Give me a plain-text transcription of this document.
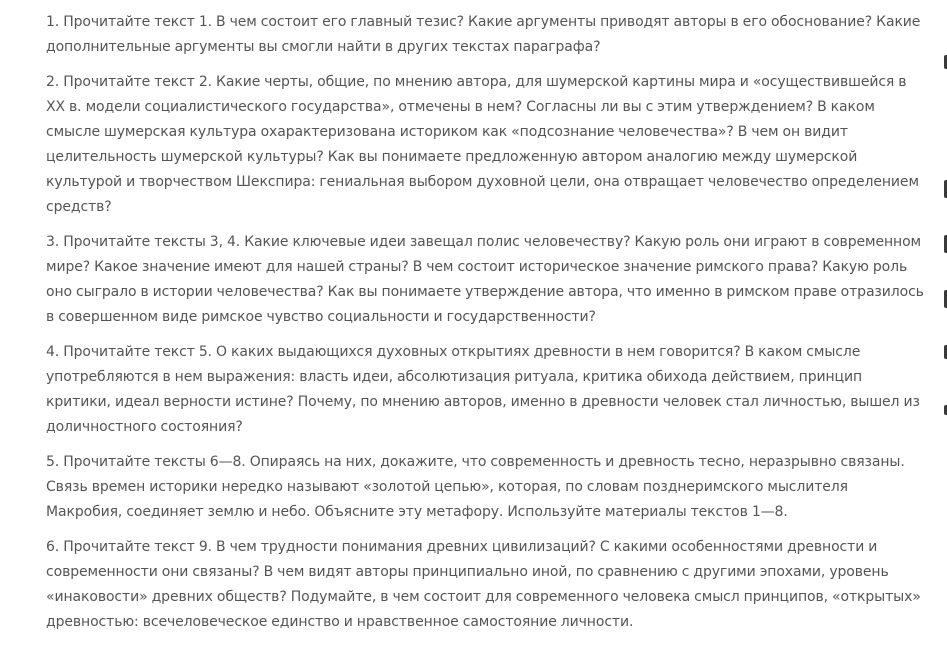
1. Прочитайте текст 1. В чем состоит его главный тезис? Какие аргументы приводят авторы в его обоснование? Какие дополнительные аргументы вы смогли найти в других текстах параграфа?

2. Прочитайте текст 2. Какие черты, общие, по мнению автора, для шумерской картины мира и «осуществившейся в XX в. модели социалистического государства», отмечены в нем? Согласны ли вы с этим утверждением? В каком смысле шумерская культура охарактеризована историком как «подсознание человечества»? В чем он видит целительность шумерской культуры? Как вы понимаете предложенную автором аналогию между шумерской культурой и творчеством Шекспира: гениальная выбором духовной цели, она отвращает человечество определением средств?

3. Прочитайте тексты 3, 4. Какие ключевые идеи завещал полис человечеству? Какую роль они играют в современном мире? Какое значение имеют для нашей страны? В чем состоит историческое значение римского права? Какую роль оно сыграло в истории человечества? Как вы понимаете утверждение автора, что именно в римском праве отразилось в совершенном виде римское чувство социальности и государственности?

4. Прочитайте текст 5. О каких выдающихся духовных открытиях древности в нем говорится? В каком смысле употребляются в нем выражения: власть идеи, абсолютизация ритуала, критика обихода действием, принцип критики, идеал верности истине? Почему, по мнению авторов, именно в древности человек стал личностью, вышел из доличностного состояния?

5. Прочитайте тексты 6—8. Опираясь на них, докажите, что современность и древность тесно, неразрывно связаны. Связь времен историки нередко называют «золотой цепью», которая, по словам позднеримского мыслителя Макробия, соединяет землю и небо. Объясните эту метафору. Используйте материалы текстов 1—8.

6. Прочитайте текст 9. В чем трудности понимания древних цивилизаций? С какими особенностями древности и современности они связаны? В чем видят авторы принципиально иной, по сравнению с другими эпохами, уровень «инаковости» древних обществ? Подумайте, в чем состоит для современного человека смысл принципов, «открытых» древностью: всечеловеческое единство и нравственное самостояние личности.
